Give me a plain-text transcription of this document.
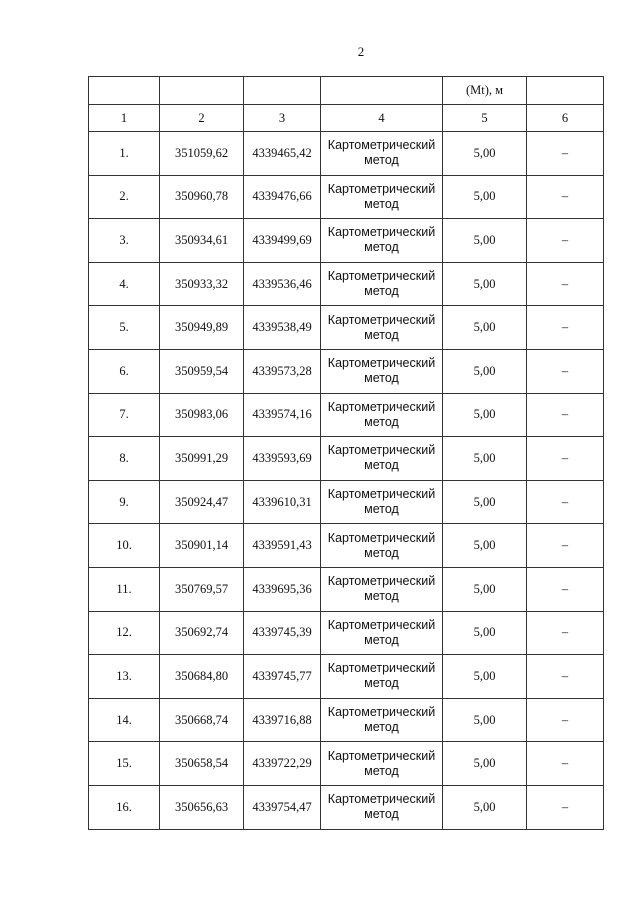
2
				(Mt), м	
1	2	3	4	5	6
1.	351059,62	4339465,42	Картометрический метод	5,00	–
2.	350960,78	4339476,66	Картометрический метод	5,00	–
3.	350934,61	4339499,69	Картометрический метод	5,00	–
4.	350933,32	4339536,46	Картометрический метод	5,00	–
5.	350949,89	4339538,49	Картометрический метод	5,00	–
6.	350959,54	4339573,28	Картометрический метод	5,00	–
7.	350983,06	4339574,16	Картометрический метод	5,00	–
8.	350991,29	4339593,69	Картометрический метод	5,00	–
9.	350924,47	4339610,31	Картометрический метод	5,00	–
10.	350901,14	4339591,43	Картометрический метод	5,00	–
11.	350769,57	4339695,36	Картометрический метод	5,00	–
12.	350692,74	4339745,39	Картометрический метод	5,00	–
13.	350684,80	4339745,77	Картометрический метод	5,00	–
14.	350668,74	4339716,88	Картометрический метод	5,00	–
15.	350658,54	4339722,29	Картометрический метод	5,00	–
16.	350656,63	4339754,47	Картометрический метод	5,00	–
